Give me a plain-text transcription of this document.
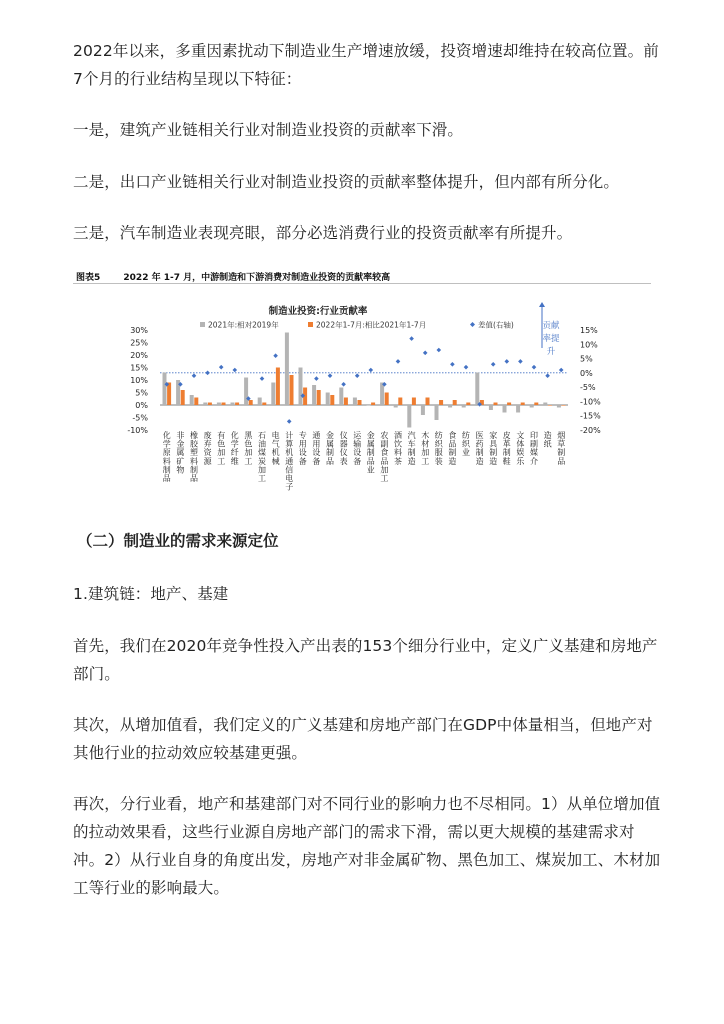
2022年以来，多重因素扰动下制造业生产增速放缓，投资增速却维持在较高位置。前7个月的行业结构呈现以下特征：

一是，建筑产业链相关行业对制造业投资的贡献率下滑。

二是，出口产业链相关行业对制造业投资的贡献率整体提升，但内部有所分化。

三是，汽车制造业表现亮眼，部分必选消费行业的投资贡献率有所提升。

图表5	2022 年 1-7 月，中游制造和下游消费对制造业投资的贡献率较高
制造业投资:行业贡献率
30%
25%
20%
15%
10%
5%
0%
-5%
-10%
15%
10%
5%
0%
-5%
-10%
-15%
-20%
2021年:相对2019年	2022年1-7月:相比2021年1-7月	差值(右轴)
化学原料制品
非金属矿物
橡胶塑料制品
废弃资源
有色加工
化学纤维
黑色加工
石油煤炭加工
电气机械
计算机通信电子
专用设备
通用设备
金属制品
仪器仪表
运输设备
金属制品业
农副食品加工
酒饮料茶
汽车制造
木材加工
纺织服装
食品制造
纺织业
医药制造
家具制造
皮革制鞋
文体娱乐
印刷媒介
造纸
烟草制品
贡献率提升
（二）制造业的需求来源定位

1.建筑链：地产、基建

首先，我们在2020年竞争性投入产出表的153个细分行业中，定义广义基建和房地产部门。

其次，从增加值看，我们定义的广义基建和房地产部门在GDP中体量相当，但地产对其他行业的拉动效应较基建更强。

再次，分行业看，地产和基建部门对不同行业的影响力也不尽相同。1）从单位增加值的拉动效果看，这些行业源自房地产部门的需求下滑，需以更大规模的基建需求对冲。2）从行业自身的角度出发，房地产对非金属矿物、黑色加工、煤炭加工、木材加工等行业的影响最大。
